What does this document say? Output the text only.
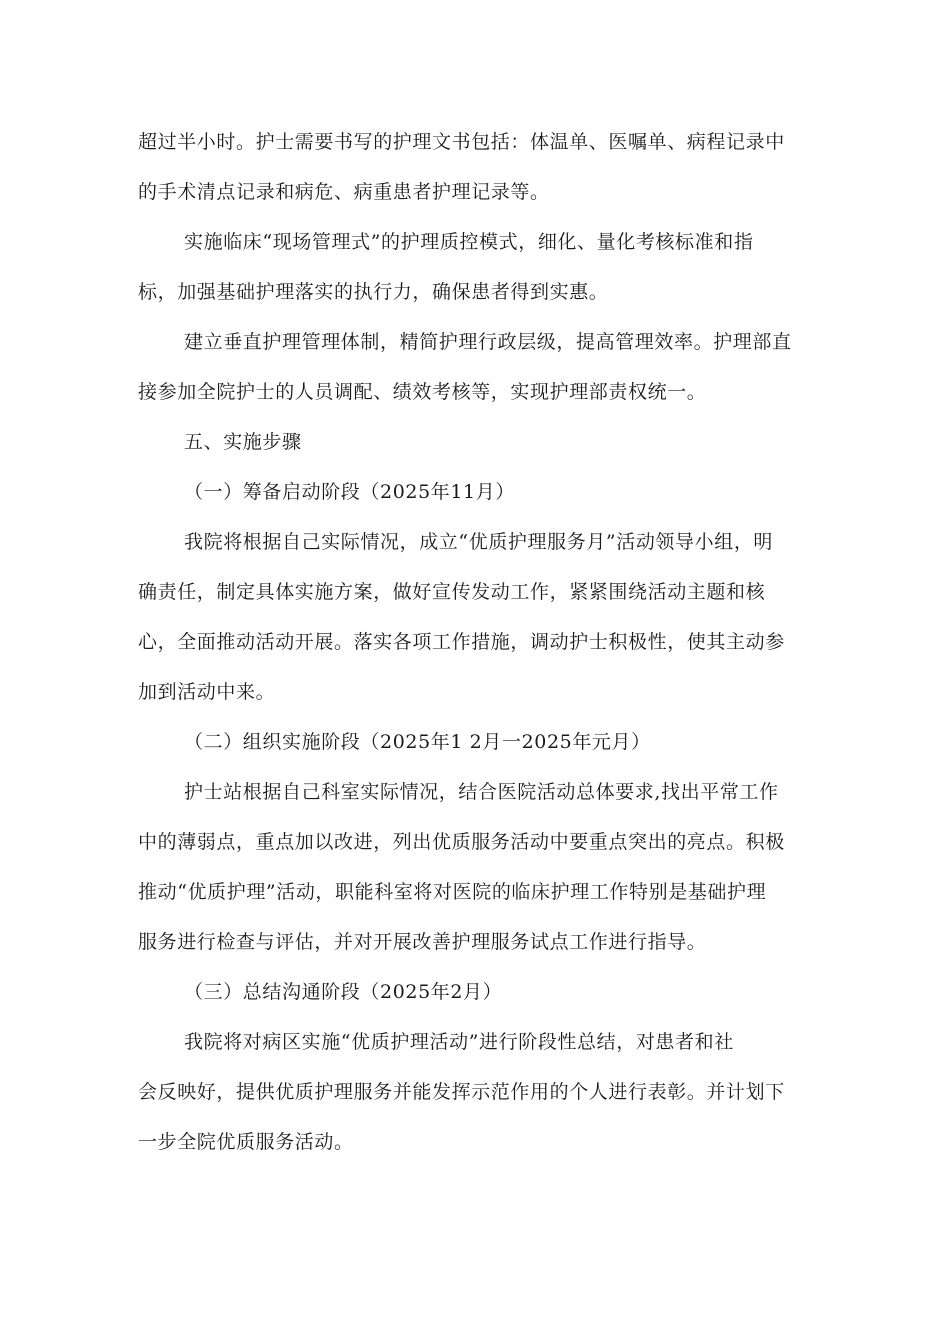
超过半小时。护士需要书写的护理文书包括：体温单、医嘱单、病程记录中
的手术清点记录和病危、病重患者护理记录等。
实施临床“现场管理式”的护理质控模式，细化、量化考核标准和指
标，加强基础护理落实的执行力，确保患者得到实惠。
建立垂直护理管理体制，精简护理行政层级，提高管理效率。护理部直
接参加全院护士的人员调配、绩效考核等，实现护理部责权统一。
五、实施步骤
（一）筹备启动阶段（2025年11月）
我院将根据自己实际情况，成立“优质护理服务月”活动领导小组，明
确责任，制定具体实施方案，做好宣传发动工作，紧紧围绕活动主题和核
心，全面推动活动开展。落实各项工作措施，调动护士积极性，使其主动参
加到活动中来。
（二）组织实施阶段（2025年1 2月一2025年元月）
护士站根据自己科室实际情况，结合医院活动总体要求,找出平常工作
中的薄弱点，重点加以改进，列出优质服务活动中要重点突出的亮点。积极
推动“优质护理”活动，职能科室将对医院的临床护理工作特别是基础护理
服务进行检查与评估，并对开展改善护理服务试点工作进行指导。
（三）总结沟通阶段（2025年2月）
我院将对病区实施“优质护理活动”进行阶段性总结，对患者和社
会反映好，提供优质护理服务并能发挥示范作用的个人进行表彰。并计划下
一步全院优质服务活动。
